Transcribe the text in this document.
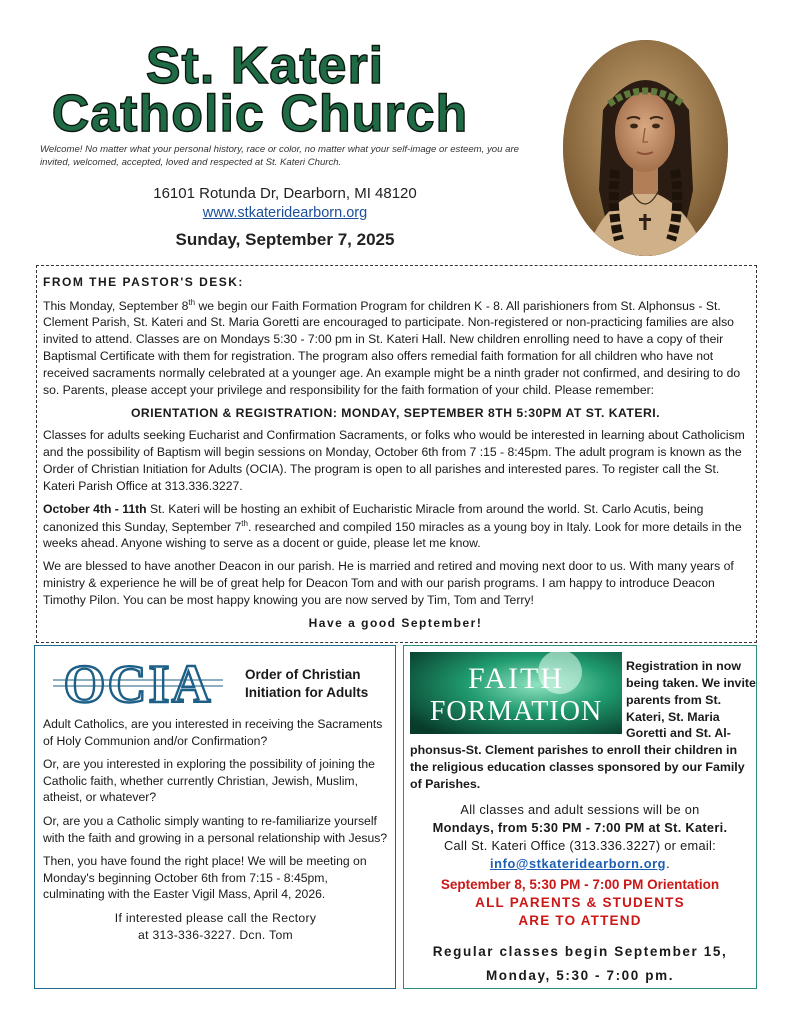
St. Kateri
Catholic Church
Welcome! No matter what your personal history, race or color, no matter what your self-image or esteem, you are invited, welcomed, accepted, loved and respected at St. Kateri Church.
16101 Rotunda Dr, Dearborn, MI 48120
www.stkateridearborn.org
Sunday, September 7, 2025
FROM THE PASTOR'S DESK:

This Monday, September 8th we begin our Faith Formation Program for children K - 8. All parishioners from St. Alphonsus - St. Clement Parish, St. Kateri and St. Maria Goretti are encouraged to participate. Non-registered or non-practicing families are also invited to attend. Classes are on Mondays 5:30 - 7:00 pm in St. Kateri Hall. New children enrolling need to have a copy of their Baptismal Certificate with them for registration. The program also offers remedial faith formation for all children who have not received sacraments normally celebrated at a younger age. An example might be a ninth grader not confirmed, and desiring to do so. Parents, please accept your privilege and responsibility for the faith formation of your child. Please remember:

ORIENTATION & REGISTRATION: MONDAY, SEPTEMBER 8TH 5:30PM AT ST. KATERI.

Classes for adults seeking Eucharist and Confirmation Sacraments, or folks who would be interested in learning about Catholicism and the possibility of Baptism will begin sessions on Monday, October 6th from 7 :15 - 8:45pm. The adult program is known as the Order of Christian Initiation for Adults (OCIA). The program is open to all parishes and interested pares. To register call the St. Kateri Parish Office at 313.336.3227.

October 4th - 11th St. Kateri will be hosting an exhibit of Eucharistic Miracle from around the world. St. Carlo Acutis, being canonized this Sunday, September 7th. researched and compiled 150 miracles as a young boy in Italy. Look for more details in the weeks ahead. Anyone wishing to serve as a docent or guide, please let me know.

We are blessed to have another Deacon in our parish. He is married and retired and moving next door to us. With many years of ministry & experience he will be of great help for Deacon Tom and with our parish programs. I am happy to introduce Deacon Timothy Pilon. You can be most happy knowing you are now served by Tim, Tom and Terry!

Have a good September!
OCIA Order of Christian Initiation for Adults

Adult Catholics, are you interested in receiving the Sacraments of Holy Communion and/or Confirmation?

Or, are you interested in exploring the possibility of joining the Catholic faith, whether currently Christian, Jewish, Muslim, atheist, or whatever?

Or, are you a Catholic simply wanting to re-familiarize yourself with the faith and growing in a personal relationship with Jesus?

Then, you have found the right place! We will be meeting on Monday's beginning October 6th from 7:15 - 8:45pm, culminating with the Easter Vigil Mass, April 4, 2026.

If interested please call the Rectory
at 313-336-3227. Dcn. Tom
FAITH
FORMATION
Registration in now being taken. We invite parents from St. Kateri, St. Maria Goretti and St. Al-
phonsus-St. Clement parishes to enroll their children in the religious education classes sponsored by our Family of Parishes.
All classes and adult sessions will be on
Mondays, from 5:30 PM - 7:00 PM at St. Kateri.
Call St. Kateri Office (313.336.3227) or email:
info@stkateridearborn.org.
September 8, 5:30 PM - 7:00 PM Orientation
ALL PARENTS & STUDENTS
ARE TO ATTEND
Regular classes begin September 15,
Monday, 5:30 - 7:00 pm.
